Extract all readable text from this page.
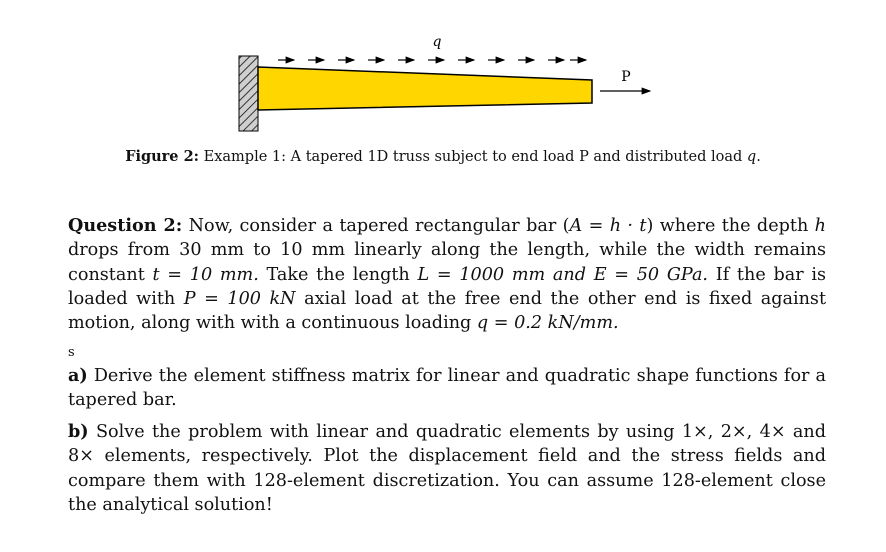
q
P
Figure 2: Example 1: A tapered 1D truss subject to end load P and distributed load q.

Question 2: Now, consider a tapered rectangular bar (A = h · t) where the depth h drops from 30 mm to 10 mm linearly along the length, while the width remains constant t = 10 mm. Take the length L = 1000 mm and E = 50 GPa. If the bar is loaded with P = 100 kN axial load at the free end the other end is fixed against motion, along with with a continuous loading q = 0.2 kN/mm.

s

a) Derive the element stiffness matrix for linear and quadratic shape functions for a tapered bar.

b) Solve the problem with linear and quadratic elements by using 1×, 2×, 4× and 8× elements, respectively. Plot the displacement field and the stress fields and compare them with 128-element discretization. You can assume 128-element close the analytical solution!
